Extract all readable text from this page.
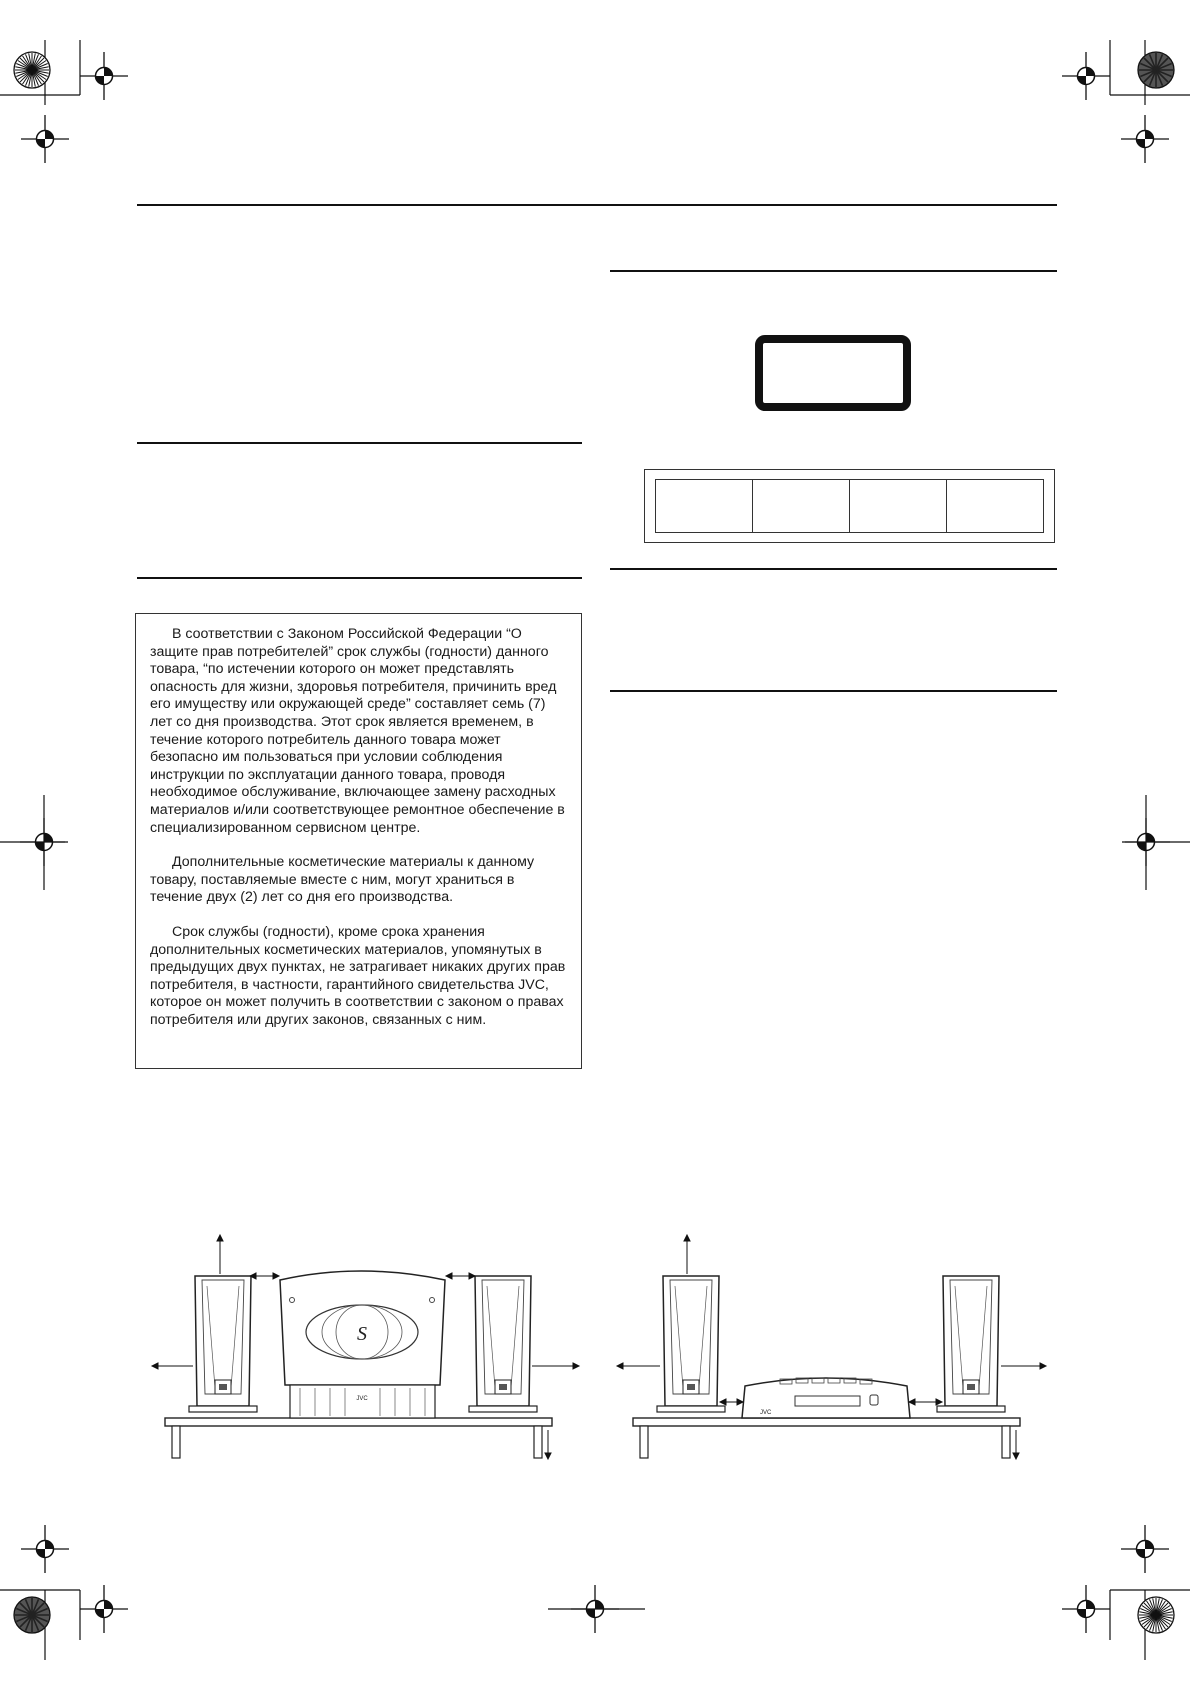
В соответствии с Законом Российской Федерации “О защите прав потребителей” срок службы (годности) данного товара, “по истечении которого он может представлять опасность для жизни, здоровья потребителя, причинить вред его имуществу или окружающей среде” составляет семь (7) лет со дня производства. Этот срок является временем, в течение которого потребитель данного товара может безопасно им пользоваться при условии соблюдения инструкции по эксплуатации данного товара, проводя необходимое обслуживание, включающее замену расходных материалов и/или соответствующее ремонтное обеспечение в специализированном сервисном центре.

Дополнительные косметические материалы к данному товару, поставляемые вместе с ним, могут храниться в течение двух (2) лет со дня его производства.

Срок службы (годности), кроме срока хранения дополнительных косметических материалов, упомянутых в предыдущих двух пунктах, не затрагивает никаких других прав потребителя, в частности, гарантийного свидетельства JVC, которое он может получить в соответствии с законом о правах потребителя или других законов, связанных с ним.

S
JVC
JVC
